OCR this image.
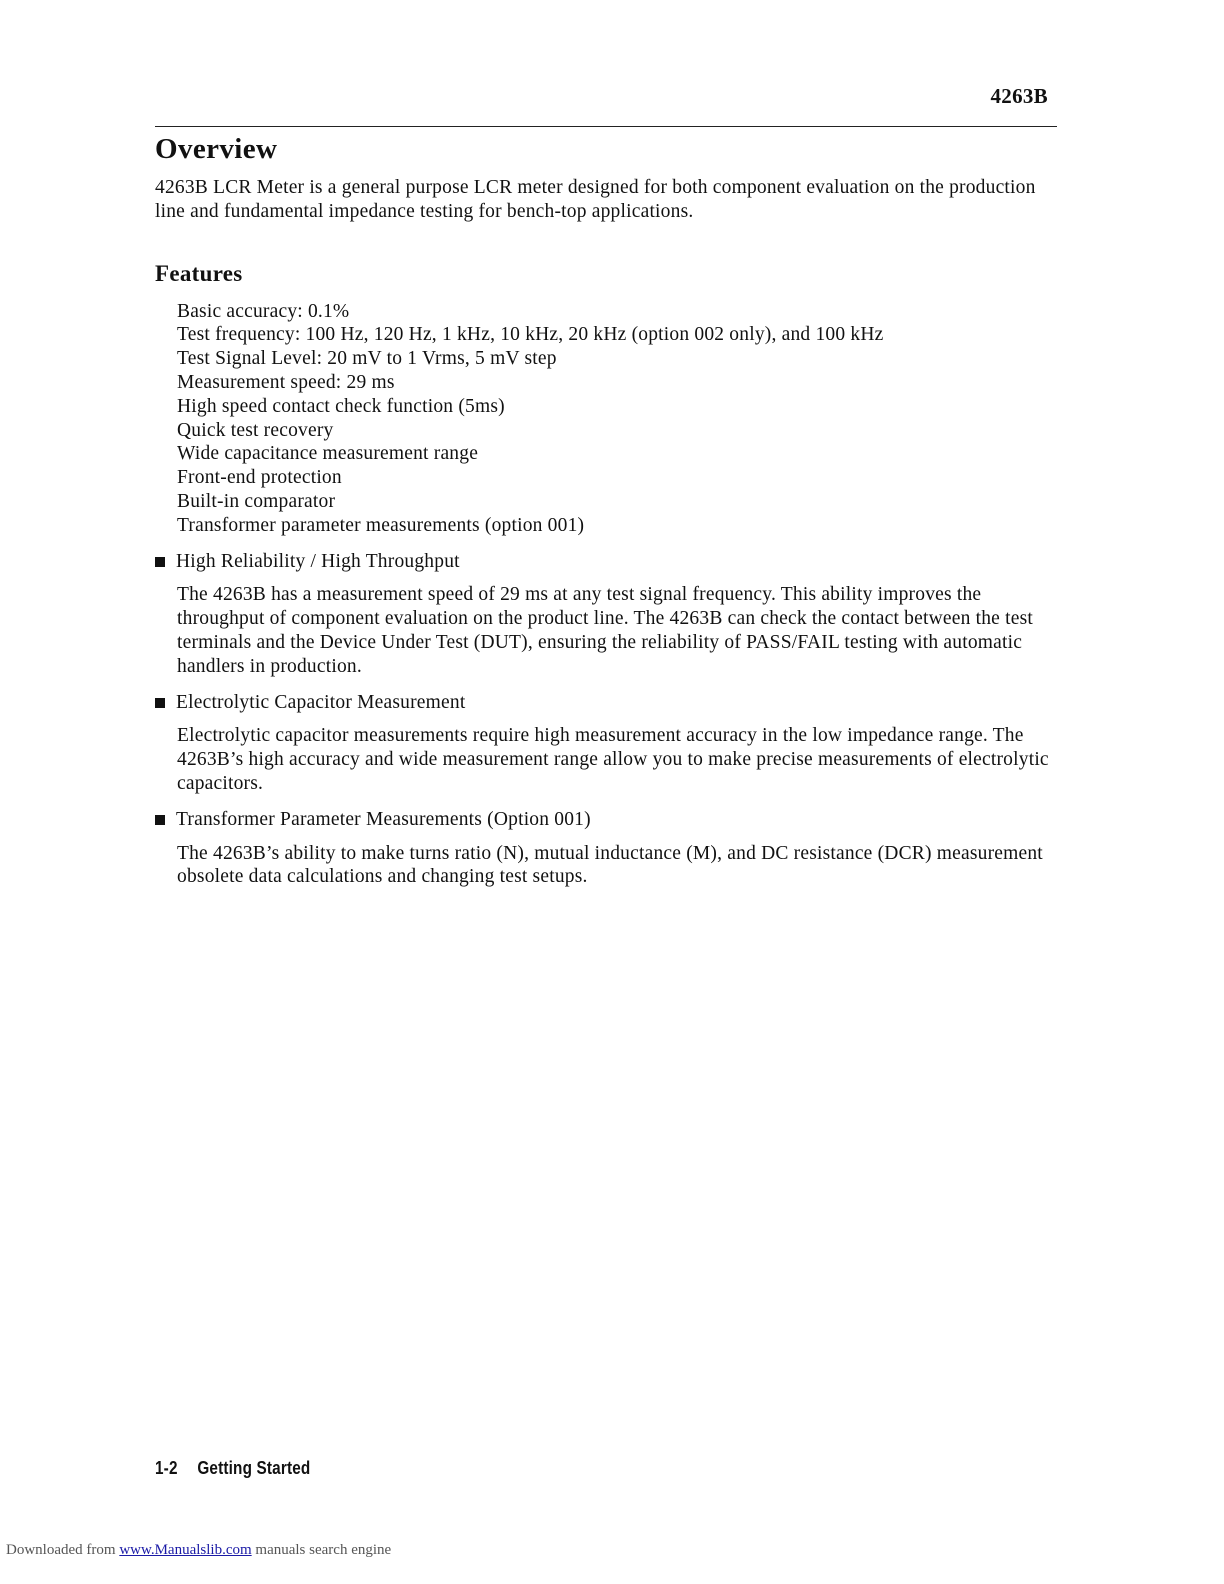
4263B
Overview

4263B LCR Meter is a general purpose LCR meter designed for both component evaluation on the production line and fundamental impedance testing for bench-top applications.

Features
Basic accuracy: 0.1%
Test frequency: 100 Hz, 120 Hz, 1 kHz, 10 kHz, 20 kHz (option 002 only), and 100 kHz
Test Signal Level: 20 mV to 1 Vrms, 5 mV step
Measurement speed: 29 ms
High speed contact check function (5ms)
Quick test recovery
Wide capacitance measurement range
Front-end protection
Built-in comparator
Transformer parameter measurements (option 001)
High Reliability / High Throughput

The 4263B has a measurement speed of 29 ms at any test signal frequency. This ability improves the throughput of component evaluation on the product line. The 4263B can check the contact between the test terminals and the Device Under Test (DUT), ensuring the reliability of PASS/FAIL testing with automatic handlers in production.

Electrolytic Capacitor Measurement

Electrolytic capacitor measurements require high measurement accuracy in the low impedance range. The 4263B’s high accuracy and wide measurement range allow you to make precise measurements of electrolytic capacitors.

Transformer Parameter Measurements (Option 001)

The 4263B’s ability to make turns ratio (N), mutual inductance (M), and DC resistance (DCR) measurement obsolete data calculations and changing test setups.

1-2 Getting Started
Downloaded from www.Manualslib.com manuals search engine
